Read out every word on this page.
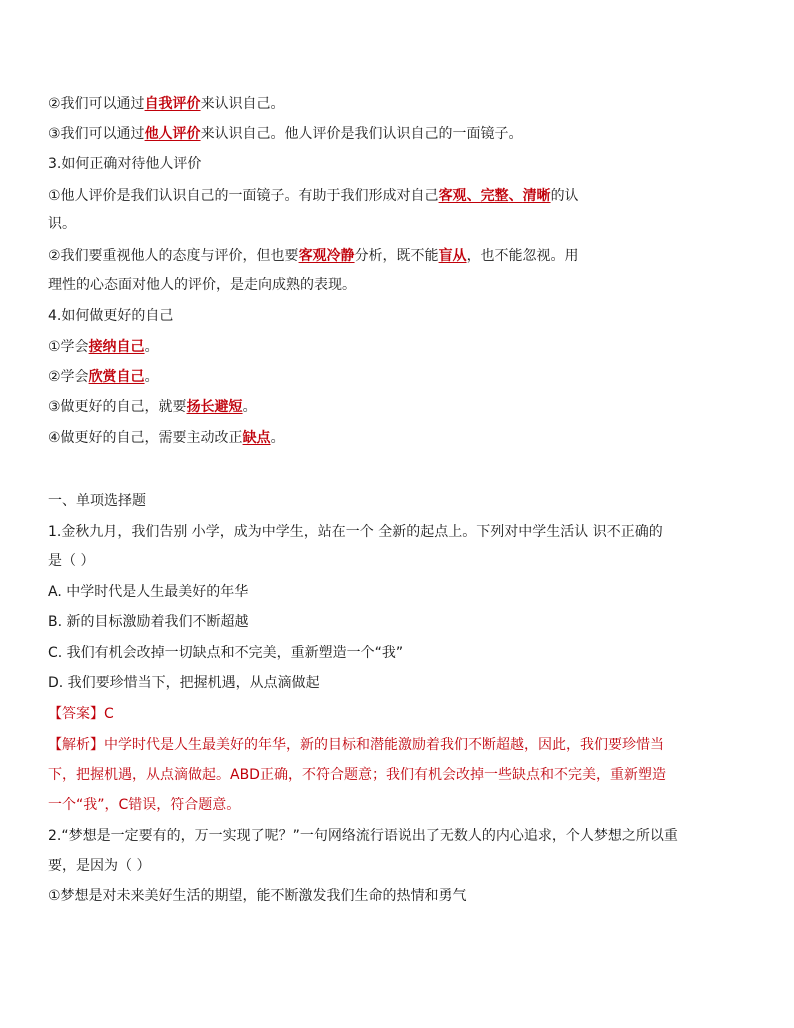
②我们可以通过自我评价来认识自己。
③我们可以通过他人评价来认识自己。他人评价是我们认识自己的一面镜子。
3.如何正确对待他人评价
①他人评价是我们认识自己的一面镜子。有助于我们形成对自己客观、完整、清晰的认
识。
②我们要重视他人的态度与评价，但也要客观冷静分析，既不能盲从，也不能忽视。用
理性的心态面对他人的评价，是走向成熟的表现。
4.如何做更好的自己
①学会接纳自己。
②学会欣赏自己。
③做更好的自己，就要扬长避短。
④做更好的自己，需要主动改正缺点。
一、单项选择题
1.金秋九月，我们告别 小学，成为中学生，站在一个 全新的起点上。下列对中学生活认 识不正确的
是（ ）
A. 中学时代是人生最美好的年华
B. 新的目标激励着我们不断超越
C. 我们有机会改掉一切缺点和不完美，重新塑造一个“我”
D. 我们要珍惜当下，把握机遇，从点滴做起
【答案】C
【解析】中学时代是人生最美好的年华，新的目标和潜能激励着我们不断超越，因此，我们要珍惜当
下，把握机遇，从点滴做起。ABD正确，不符合题意；我们有机会改掉一些缺点和不完美，重新塑造
一个“我”，C错误，符合题意。
2.“梦想是一定要有的，万一实现了呢？”一句网络流行语说出了无数人的内心追求，个人梦想之所以重
要，是因为（ ）
①梦想是对未来美好生活的期望，能不断激发我们生命的热情和勇气
